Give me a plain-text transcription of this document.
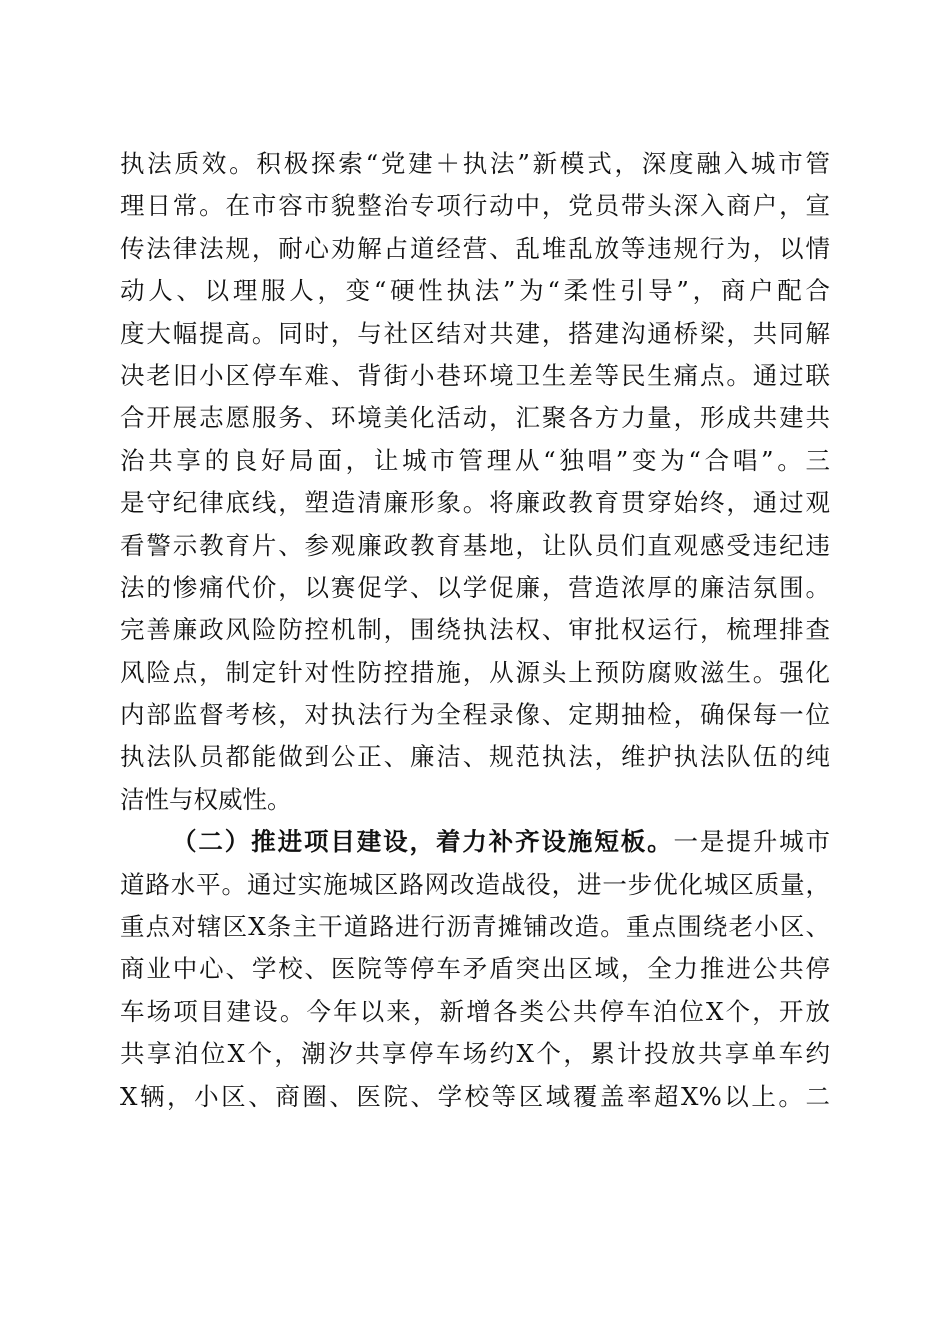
执法质效。积极探索“党建＋执法”新模式，深度融入城市管
理日常。在市容市貌整治专项行动中，党员带头深入商户，宣
传法律法规，耐心劝解占道经营、乱堆乱放等违规行为，以情
动人、以理服人，变“硬性执法”为“柔性引导”，商户配合
度大幅提高。同时，与社区结对共建，搭建沟通桥梁，共同解
决老旧小区停车难、背街小巷环境卫生差等民生痛点。通过联
合开展志愿服务、环境美化活动，汇聚各方力量，形成共建共
治共享的良好局面，让城市管理从“独唱”变为“合唱”。三
是守纪律底线，塑造清廉形象。将廉政教育贯穿始终，通过观
看警示教育片、参观廉政教育基地，让队员们直观感受违纪违
法的惨痛代价，以赛促学、以学促廉，营造浓厚的廉洁氛围。
完善廉政风险防控机制，围绕执法权、审批权运行，梳理排查
风险点，制定针对性防控措施，从源头上预防腐败滋生。强化
内部监督考核，对执法行为全程录像、定期抽检，确保每一位
执法队员都能做到公正、廉洁、规范执法，维护执法队伍的纯
洁性与权威性。
（二）推进项目建设，着力补齐设施短板。一是提升城市
道路水平。通过实施城区路网改造战役，进一步优化城区质量，
重点对辖区X条主干道路进行沥青摊铺改造。重点围绕老小区、
商业中心、学校、医院等停车矛盾突出区域，全力推进公共停
车场项目建设。今年以来，新增各类公共停车泊位X个，开放
共享泊位X个，潮汐共享停车场约X个，累计投放共享单车约
X辆，小区、商圈、医院、学校等区域覆盖率超X%以上。二
